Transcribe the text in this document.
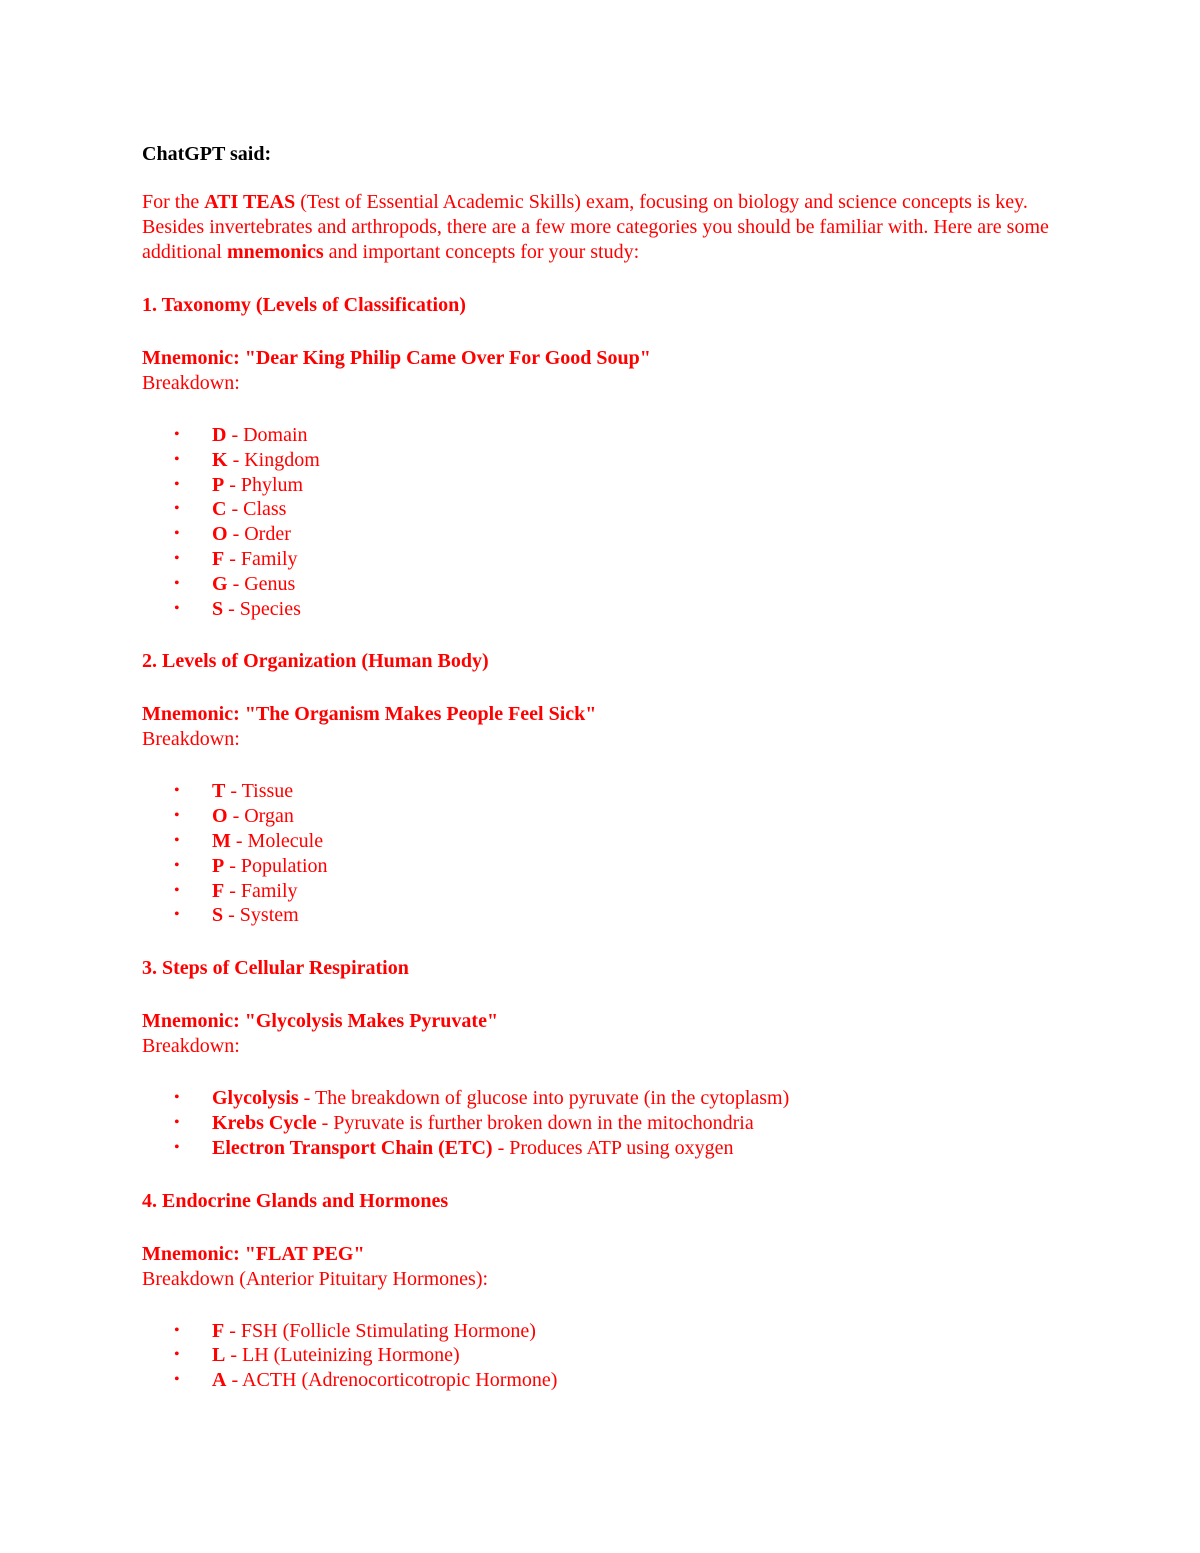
ChatGPT said:

For the ATI TEAS (Test of Essential Academic Skills) exam, focusing on biology and science concepts is key. Besides invertebrates and arthropods, there are a few more categories you should be familiar with. Here are some additional mnemonics and important concepts for your study:

1. Taxonomy (Levels of Classification)

Mnemonic: "Dear King Philip Came Over For Good Soup"

Breakdown:

• D - Domain
• K - Kingdom
• P - Phylum
• C - Class
• O - Order
• F - Family
• G - Genus
• S - Species

2. Levels of Organization (Human Body)

Mnemonic: "The Organism Makes People Feel Sick"

Breakdown:

• T - Tissue
• O - Organ
• M - Molecule
• P - Population
• F - Family
• S - System

3. Steps of Cellular Respiration

Mnemonic: "Glycolysis Makes Pyruvate"

Breakdown:

• Glycolysis - The breakdown of glucose into pyruvate (in the cytoplasm)
• Krebs Cycle - Pyruvate is further broken down in the mitochondria
• Electron Transport Chain (ETC) - Produces ATP using oxygen

4. Endocrine Glands and Hormones

Mnemonic: "FLAT PEG"

Breakdown (Anterior Pituitary Hormones):

• F - FSH (Follicle Stimulating Hormone)
• L - LH (Luteinizing Hormone)
• A - ACTH (Adrenocorticotropic Hormone)
